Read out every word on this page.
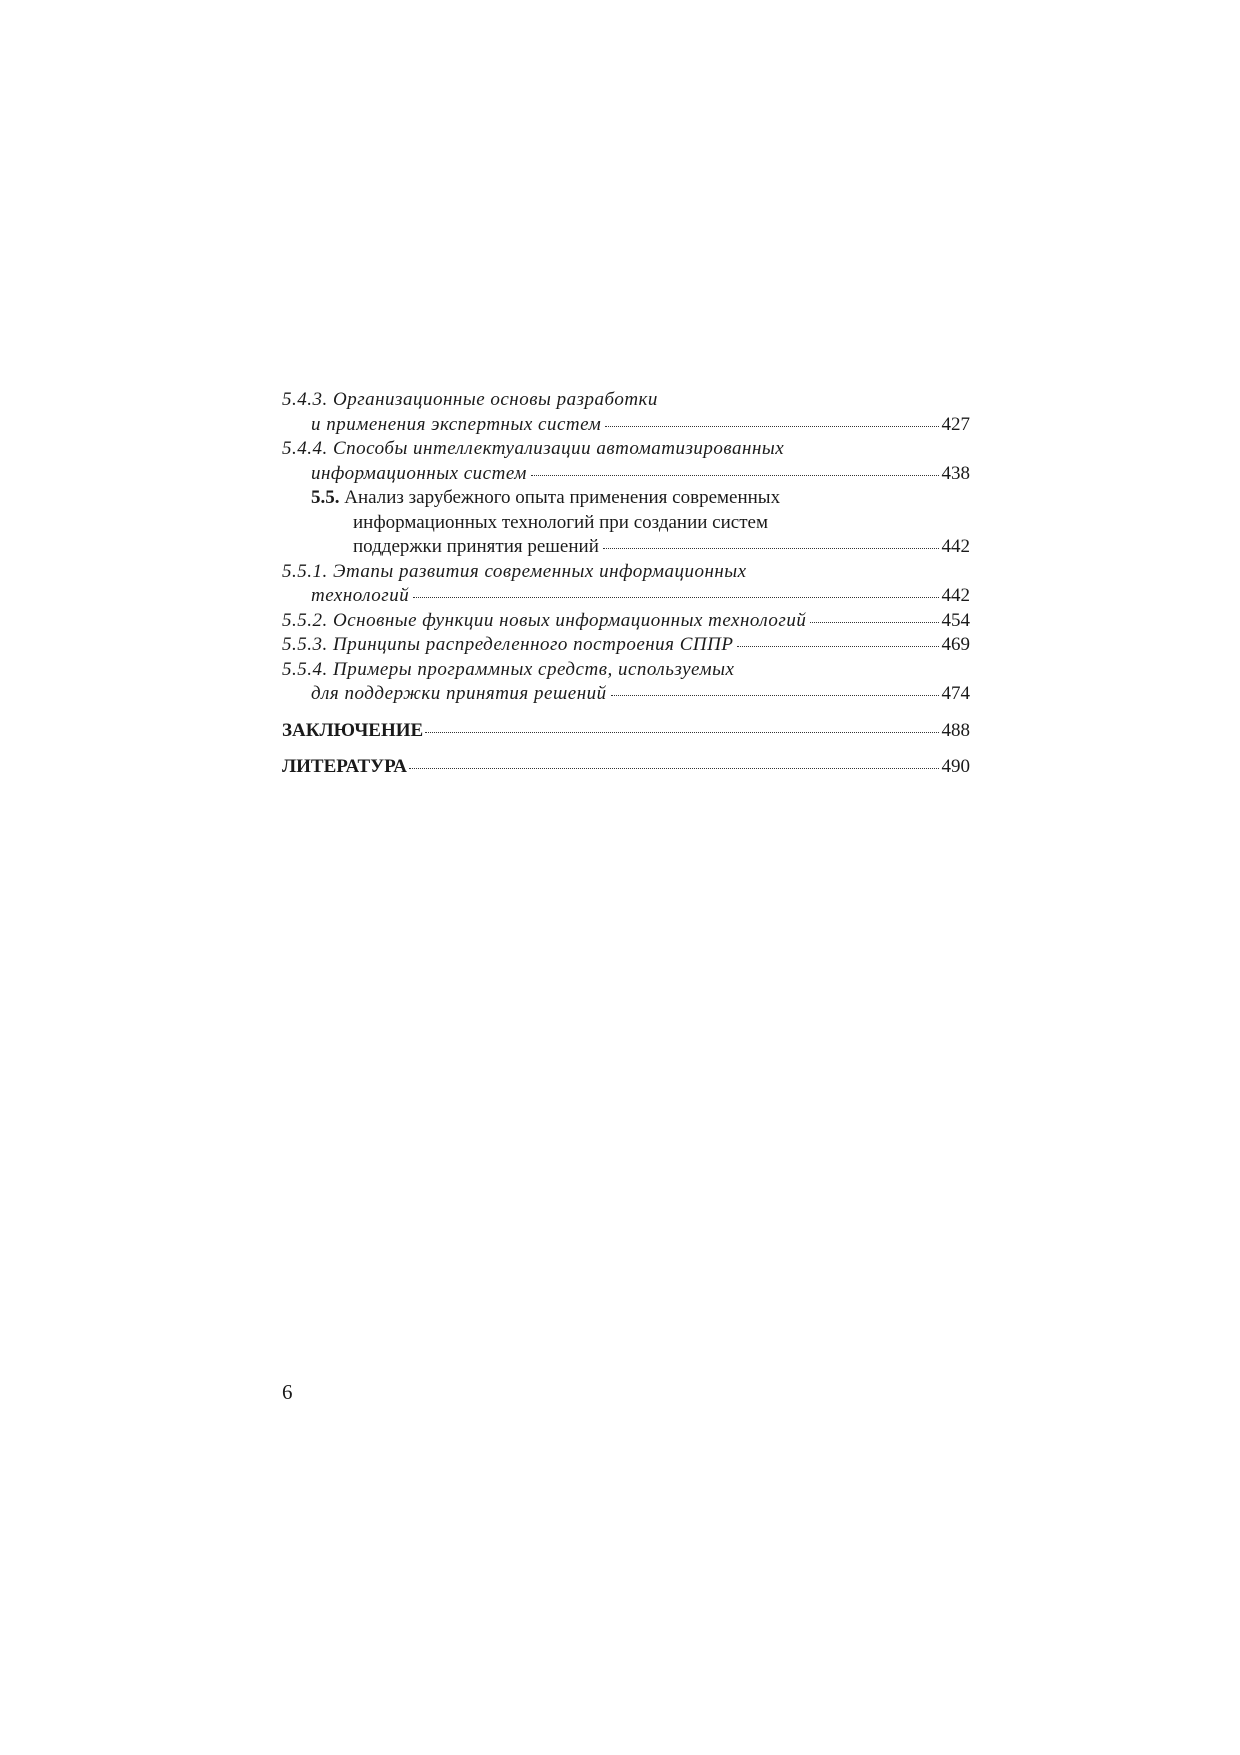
5.4.3. Организационные основы разработки
и применения экспертных систем	427
5.4.4. Способы интеллектуализации автоматизированных
информационных систем	438
5.5. Анализ зарубежного опыта применения современных
информационных технологий при создании систем
поддержки принятия решений	442
5.5.1. Этапы развития современных информационных
технологий	442
5.5.2. Основные функции новых информационных технологий	454
5.5.3. Принципы распределенного построения СППР	469
5.5.4. Примеры программных средств, используемых
для поддержки принятия решений	474
ЗАКЛЮЧЕНИЕ	488
ЛИТЕРАТУРА	490
6
